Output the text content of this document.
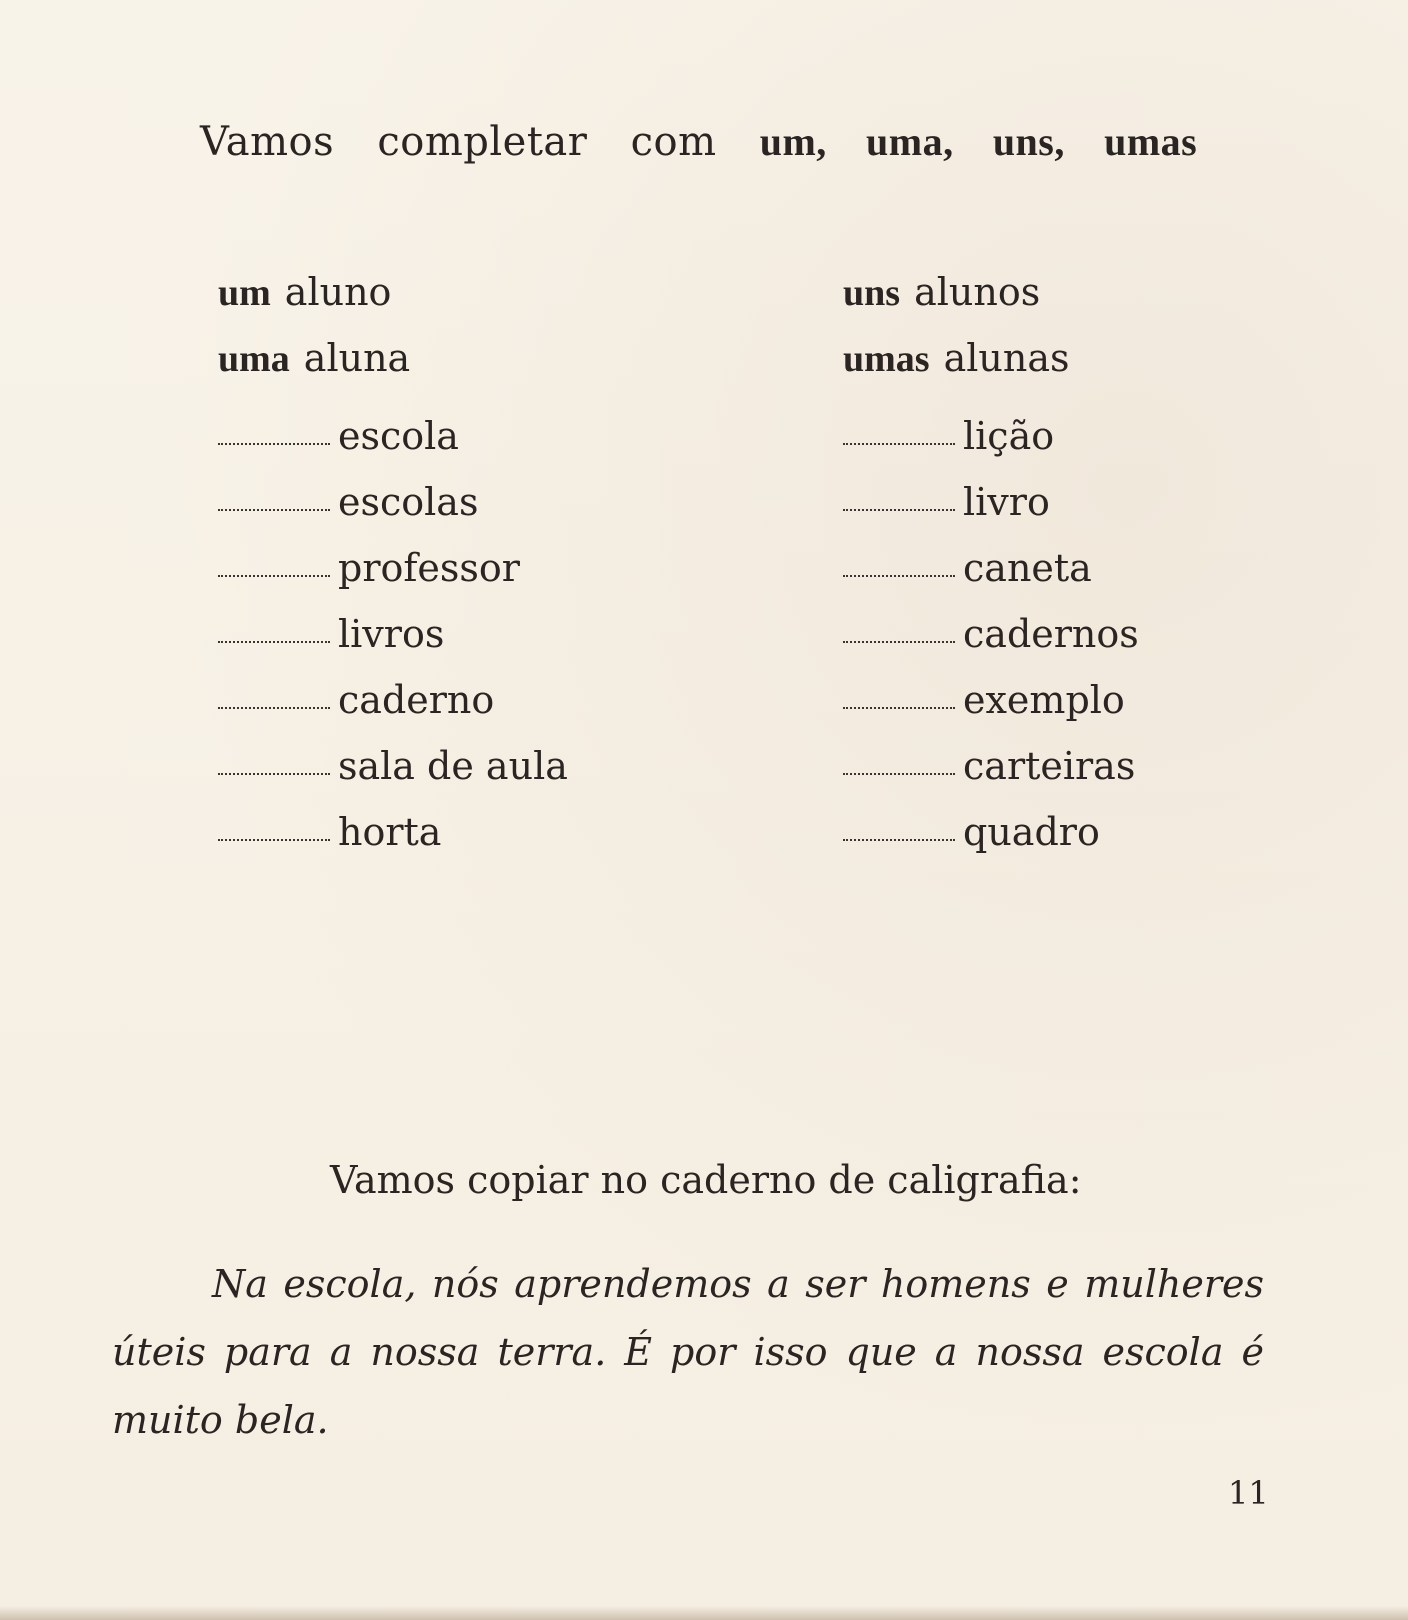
Vamos completar com um, uma, uns, umas
um aluno
uma aluna
escola
escolas
professor
livros
caderno
sala de aula
horta
uns alunos
umas alunas
lição
livro
caneta
cadernos
exemplo
carteiras
quadro
Vamos copiar no caderno de caligrafia:
Na escola, nós aprendemos a ser homens e mulheres úteis para a nossa terra. É por isso que a nossa escola é muito bela.
11
